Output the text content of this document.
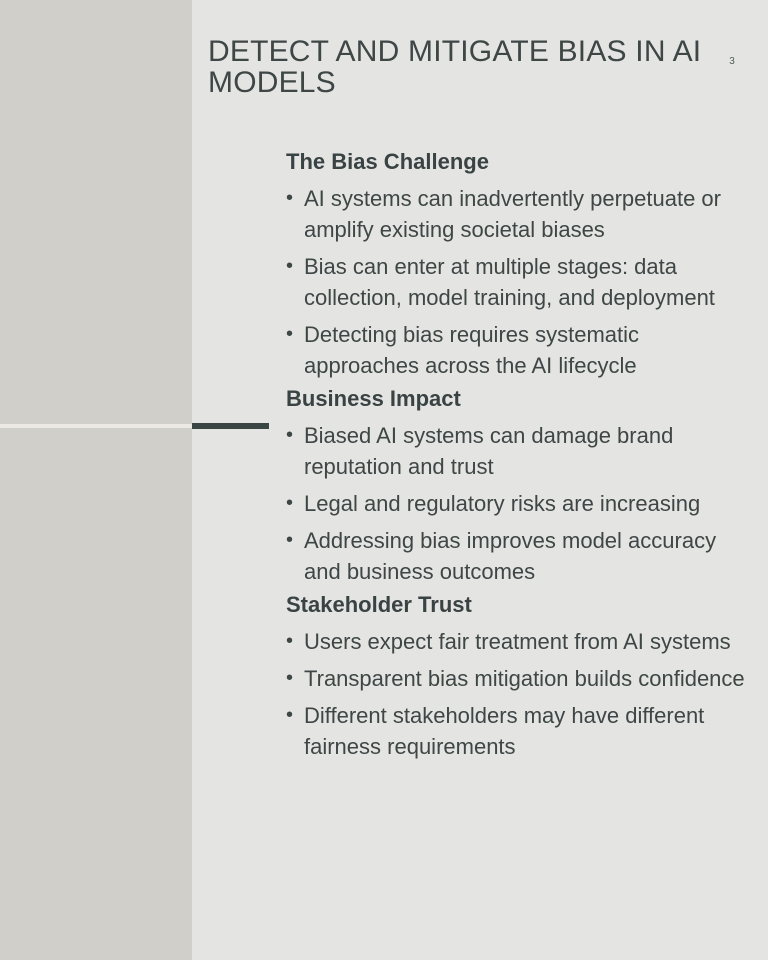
DETECT AND MITIGATE BIAS IN AI MODELS
3
The Bias Challenge
• AI systems can inadvertently perpetuate or amplify existing societal biases
• Bias can enter at multiple stages: data collection, model training, and deployment
• Detecting bias requires systematic approaches across the AI lifecycle
Business Impact
• Biased AI systems can damage brand reputation and trust
• Legal and regulatory risks are increasing
• Addressing bias improves model accuracy and business outcomes
Stakeholder Trust
• Users expect fair treatment from AI systems
• Transparent bias mitigation builds confidence
• Different stakeholders may have different fairness requirements
